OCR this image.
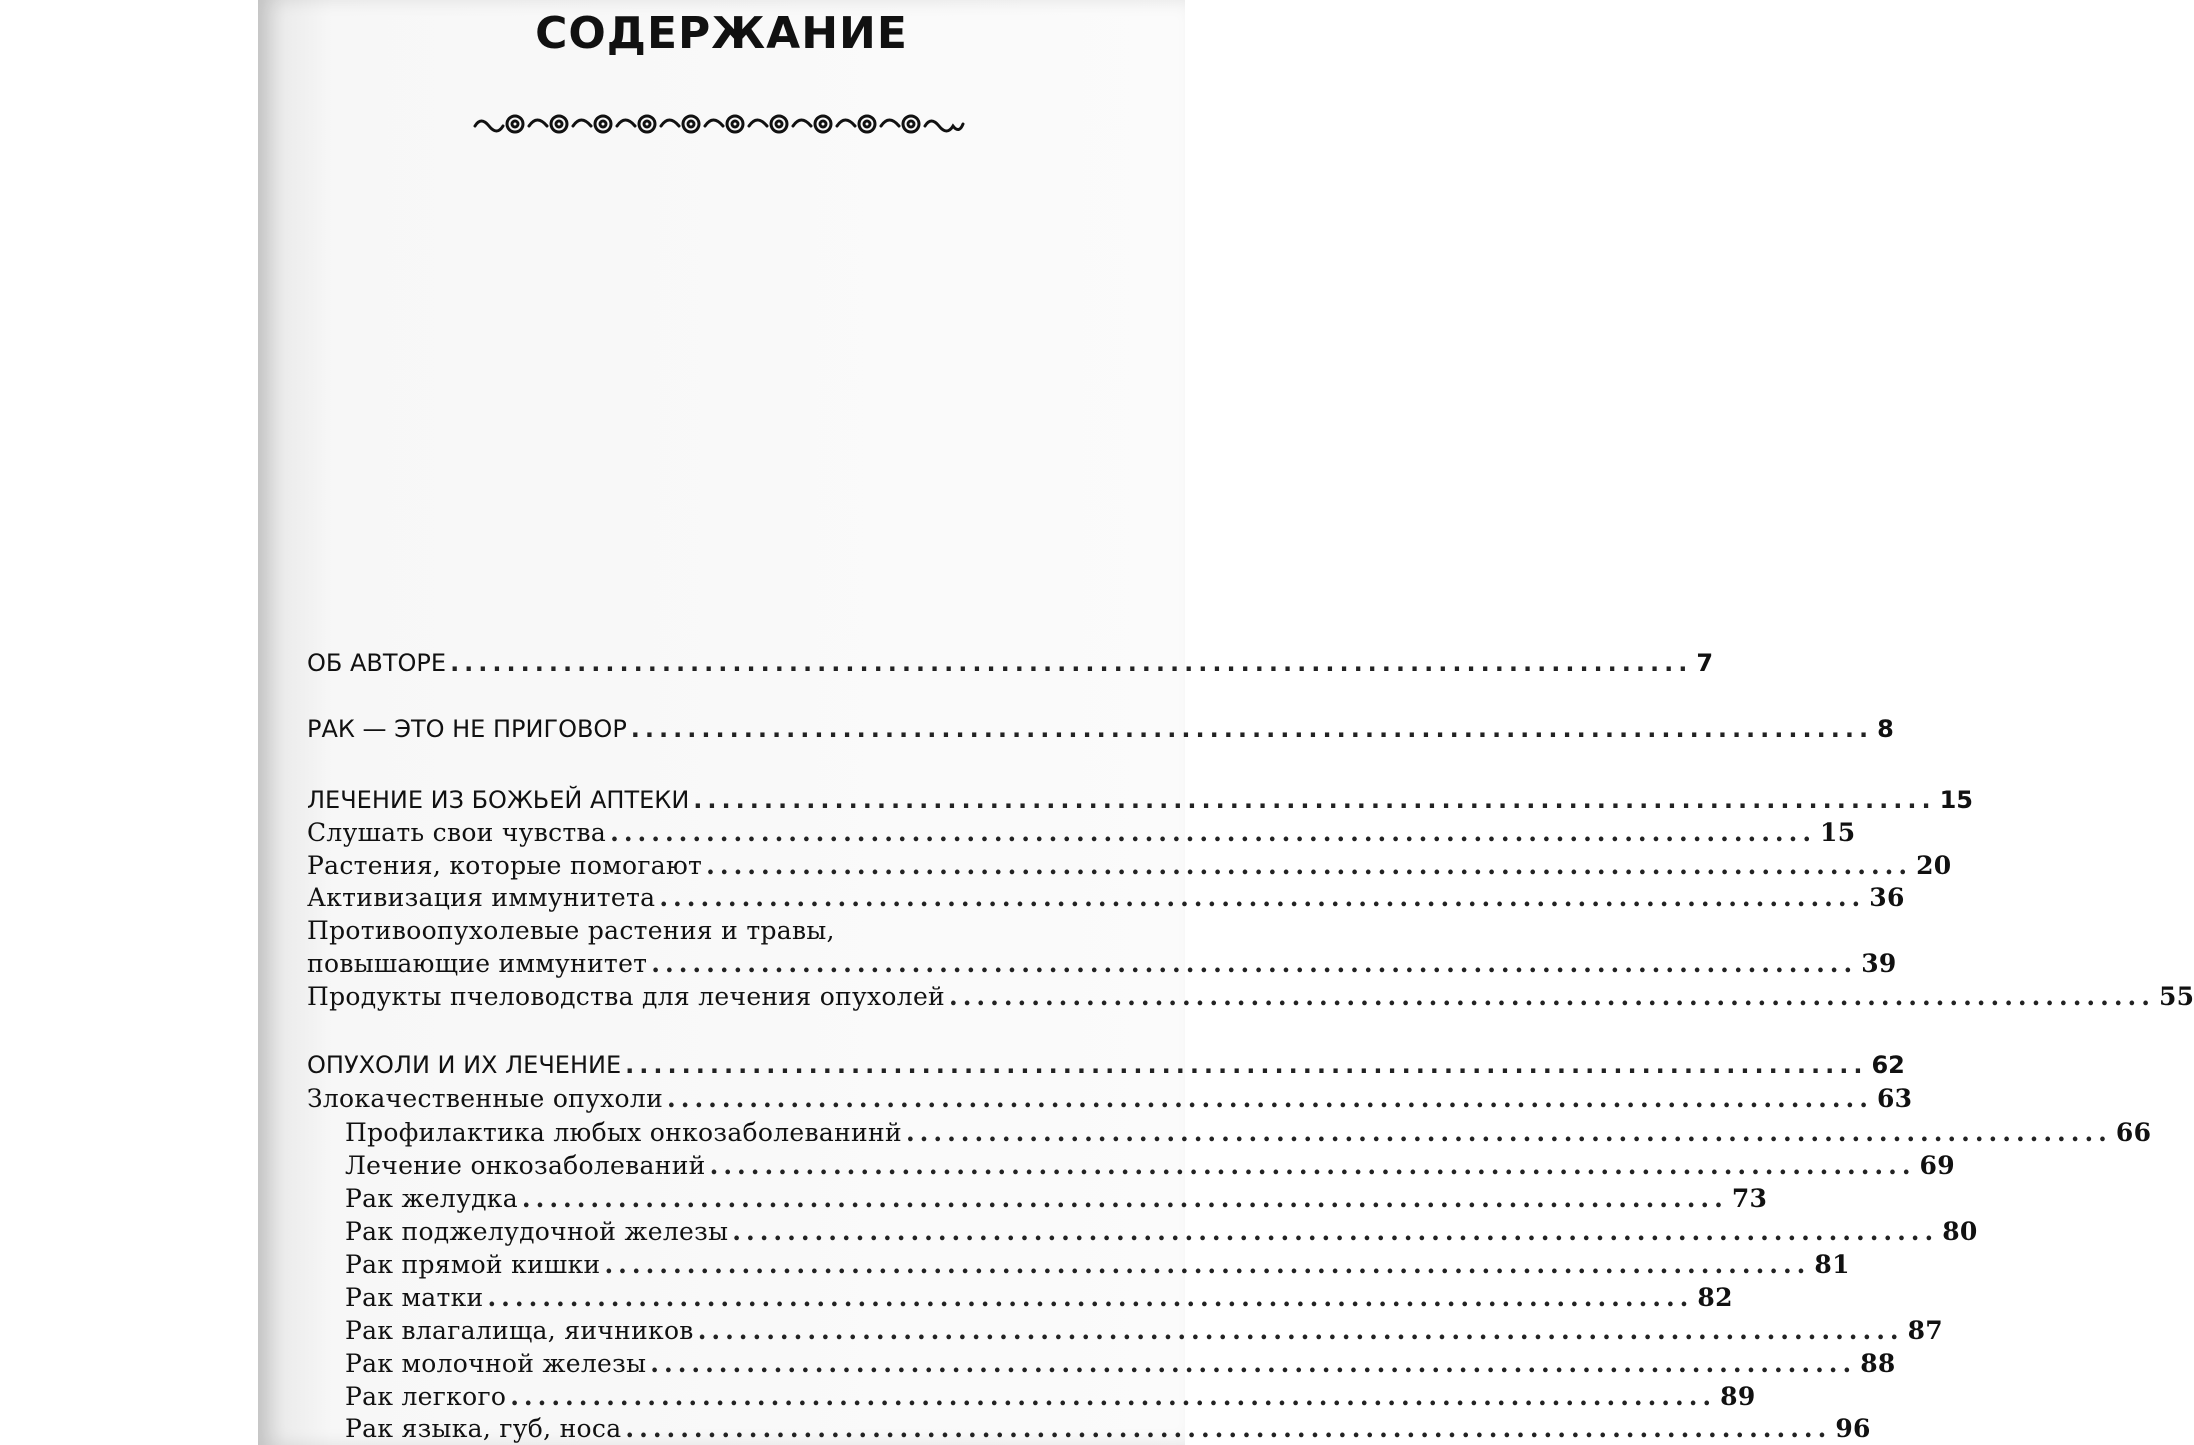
СОДЕРЖАНИЕ
ОБ АВТОРЕ ........................................................................................ 7
РАК — ЭТО НЕ ПРИГОВОР ........................................................................................ 8
ЛЕЧЕНИЕ ИЗ БОЖЬЕЙ АПТЕКИ ........................................................................................ 15
Слушать свои чувства ........................................................................................ 15
Растения, которые помогают ........................................................................................ 20
Активизация иммунитета ........................................................................................ 36
Противоопухолевые растения и травы,
повышающие иммунитет ........................................................................................ 39
Продукты пчеловодства для лечения опухолей ........................................................................................ 55
ОПУХОЛИ И ИХ ЛЕЧЕНИЕ ........................................................................................ 62
Злокачественные опухоли ........................................................................................ 63
Профилактика любых онкозаболеванинй ........................................................................................ 66
Лечение онкозаболеваний ........................................................................................ 69
Рак желудка ........................................................................................ 73
Рак поджелудочной железы ........................................................................................ 80
Рак прямой кишки ........................................................................................ 81
Рак матки ........................................................................................ 82
Рак влагалища, яичников ........................................................................................ 87
Рак молочной железы ........................................................................................ 88
Рак легкого ........................................................................................ 89
Рак языка, губ, носа ........................................................................................ 96
